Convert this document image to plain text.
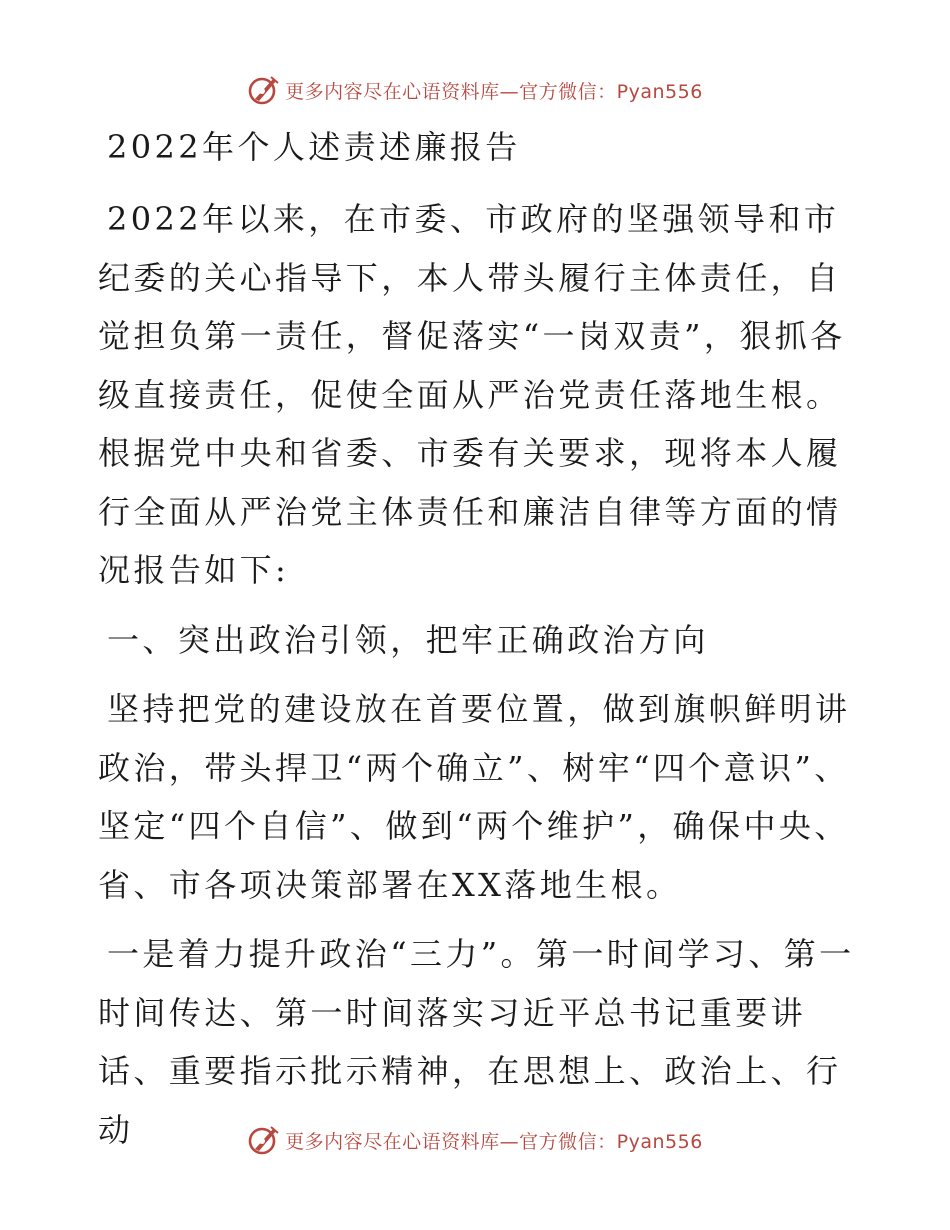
更多内容尽在心语资料库—官方微信：Pyan556

2022年个人述责述廉报告

2022年以来，在市委、市政府的坚强领导和市纪委的关心指导下，本人带头履行主体责任，自觉担负第一责任，督促落实“一岗双责”，狠抓各级直接责任，促使全面从严治党责任落地生根。根据党中央和省委、市委有关要求，现将本人履行全面从严治党主体责任和廉洁自律等方面的情况报告如下:

一、突出政治引领，把牢正确政治方向

坚持把党的建设放在首要位置，做到旗帜鲜明讲政治，带头捍卫“两个确立”、树牢“四个意识”、坚定“四个自信”、做到“两个维护”，确保中央、省、市各项决策部署在XX落地生根。

一是着力提升政治“三力”。第一时间学习、第一时间传达、第一时间落实习近平总书记重要讲话、重要指示批示精神，在思想上、政治上、行动	更多内容尽在心语资料库—官方微信：Pyan556
